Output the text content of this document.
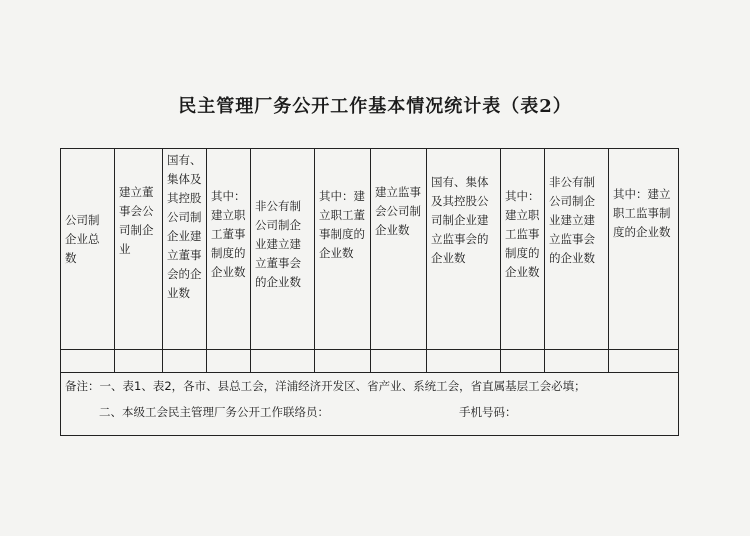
民主管理厂务公开工作基本情况统计表（表2）
公司制企业总数	建立董事会公司制企业	国有、集体及其控股公司制企业建立董事会的企业数	其中：建立职工董事制度的企业数	非公有制公司制企业建立建立董事会的企业数	其中：建立职工董事制度的企业数	建立监事会公司制企业数	国有、集体及其控股公司制企业建立监事会的企业数	其中：建立职工监事制度的企业数	非公有制公司制企业建立建立监事会的企业数	其中：建立职工监事制度的企业数

备注：一、表1、表2，各市、县总工会，洋浦经济开发区、省产业、系统工会，省直属基层工会必填；
二、本级工会民主管理厂务公开工作联络员： 手机号码：										
